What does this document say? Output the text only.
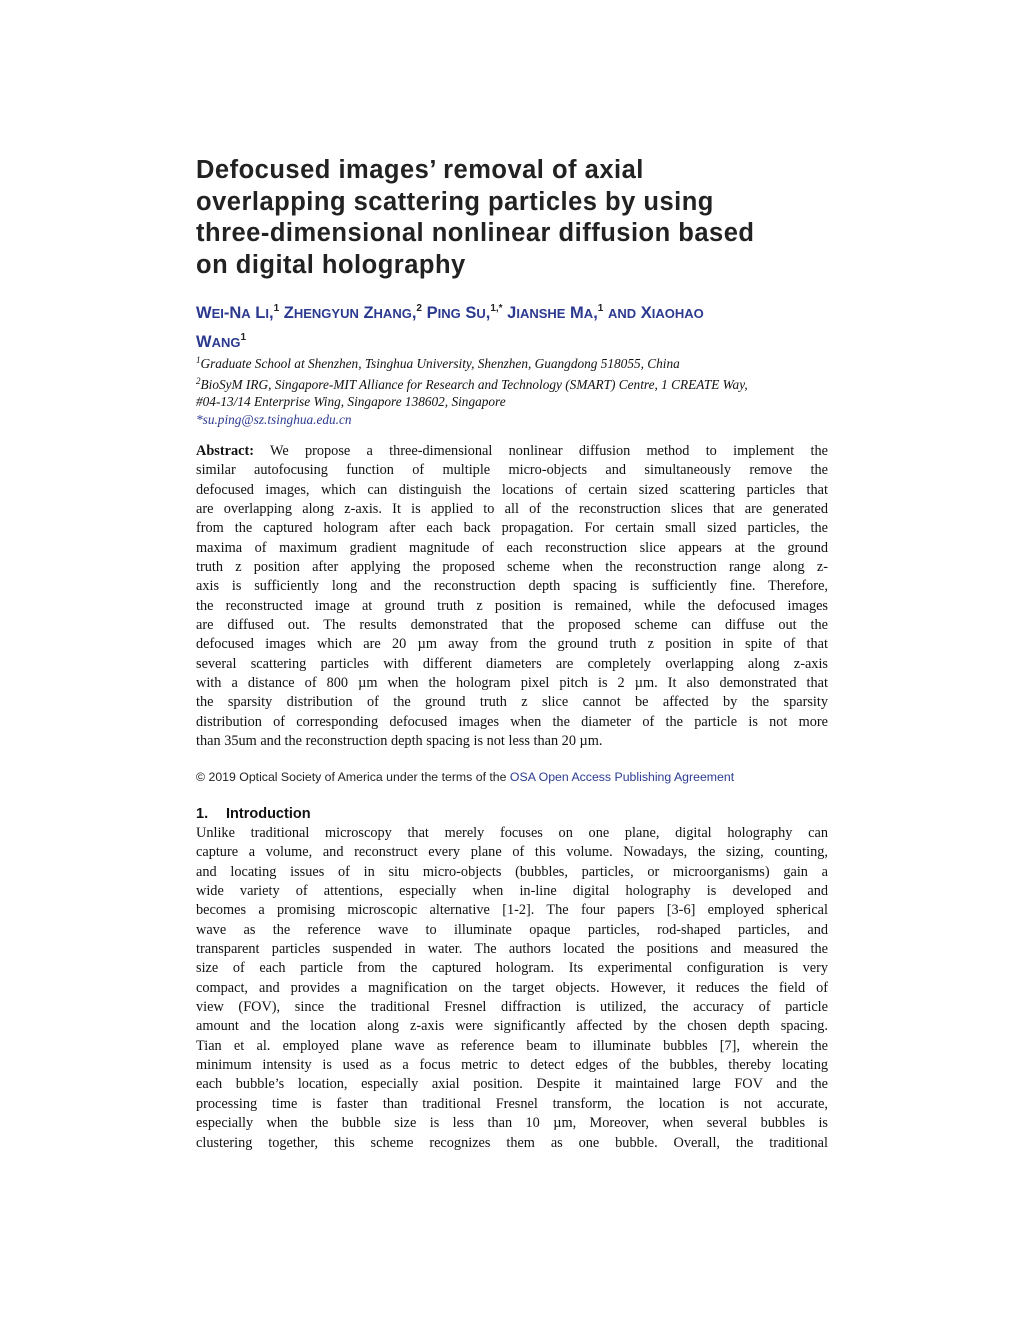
Defocused images’ removal of axial
overlapping scattering particles by using
three-dimensional nonlinear diffusion based
on digital holography
WEI-NA LI,$^1$ ZHENGYUN ZHANG,$^2$ PING SU,$^{1,*}$ JIANSHE MA,$^1$ AND XIAOHAO
WANG$^1$
$^1$Graduate School at Shenzhen, Tsinghua University, Shenzhen, Guangdong 518055, China
$^2$BioSyM IRG, Singapore-MIT Alliance for Research and Technology (SMART) Centre, 1 CREATE Way,
#04-13/14 Enterprise Wing, Singapore 138602, Singapore
*su.ping@sz.tsinghua.edu.cn
Abstract: We propose a three-dimensional nonlinear diffusion method to implement the
similar autofocusing function of multiple micro-objects and simultaneously remove the
defocused images, which can distinguish the locations of certain sized scattering particles that
are overlapping along z-axis. It is applied to all of the reconstruction slices that are generated
from the captured hologram after each back propagation. For certain small sized particles, the
maxima of maximum gradient magnitude of each reconstruction slice appears at the ground
truth z position after applying the proposed scheme when the reconstruction range along z-
axis is sufficiently long and the reconstruction depth spacing is sufficiently fine. Therefore,
the reconstructed image at ground truth z position is remained, while the defocused images
are diffused out. The results demonstrated that the proposed scheme can diffuse out the
defocused images which are 20 µm away from the ground truth z position in spite of that
several scattering particles with different diameters are completely overlapping along z-axis
with a distance of 800 µm when the hologram pixel pitch is 2 µm. It also demonstrated that
the sparsity distribution of the ground truth z slice cannot be affected by the sparsity
distribution of corresponding defocused images when the diameter of the particle is not more
than 35um and the reconstruction depth spacing is not less than 20 µm.
© 2019 Optical Society of America under the terms of the OSA Open Access Publishing Agreement
1. Introduction
Unlike traditional microscopy that merely focuses on one plane, digital holography can
capture a volume, and reconstruct every plane of this volume. Nowadays, the sizing, counting,
and locating issues of in situ micro-objects (bubbles, particles, or microorganisms) gain a
wide variety of attentions, especially when in-line digital holography is developed and
becomes a promising microscopic alternative [1-2]. The four papers [3-6] employed spherical
wave as the reference wave to illuminate opaque particles, rod-shaped particles, and
transparent particles suspended in water. The authors located the positions and measured the
size of each particle from the captured hologram. Its experimental configuration is very
compact, and provides a magnification on the target objects. However, it reduces the field of
view (FOV), since the traditional Fresnel diffraction is utilized, the accuracy of particle
amount and the location along z-axis were significantly affected by the chosen depth spacing.
Tian et al. employed plane wave as reference beam to illuminate bubbles [7], wherein the
minimum intensity is used as a focus metric to detect edges of the bubbles, thereby locating
each bubble’s location, especially axial position. Despite it maintained large FOV and the
processing time is faster than traditional Fresnel transform, the location is not accurate,
especially when the bubble size is less than 10 µm, Moreover, when several bubbles is
clustering together, this scheme recognizes them as one bubble. Overall, the traditional
